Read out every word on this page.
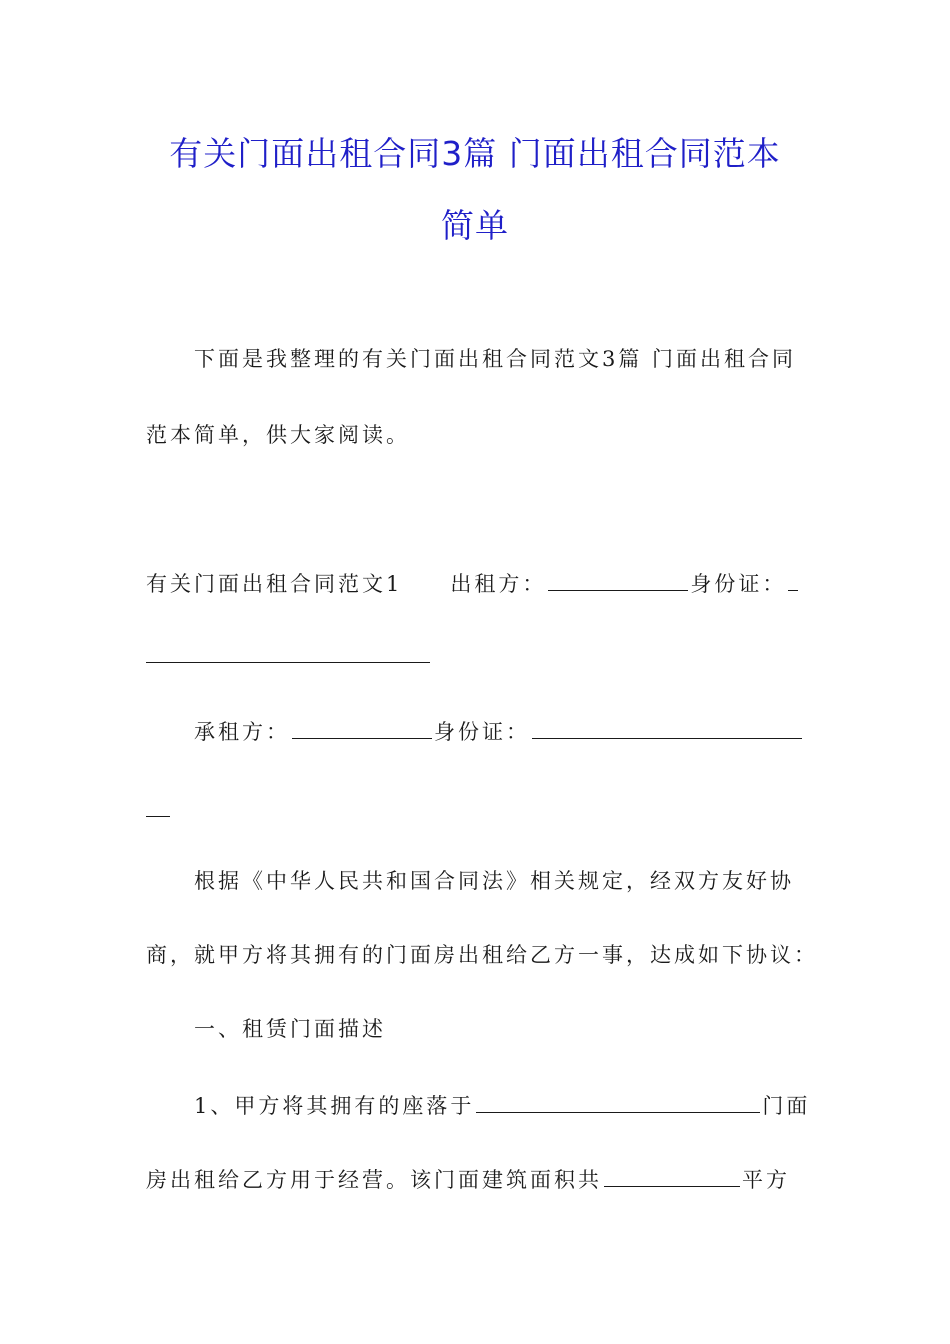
有关门面出租合同3篇 门面出租合同范本
简单
下面是我整理的有关门面出租合同范文3篇 门面出租合同
范本简单，供大家阅读。
有关门面出租合同范文1 出租方：	身份证：
承租方：	身份证：
根据《中华人民共和国合同法》相关规定，经双方友好协
商，就甲方将其拥有的门面房出租给乙方一事，达成如下协议：
一、租赁门面描述
1、甲方将其拥有的座落于	门面
房出租给乙方用于经营。该门面建筑面积共	平方
